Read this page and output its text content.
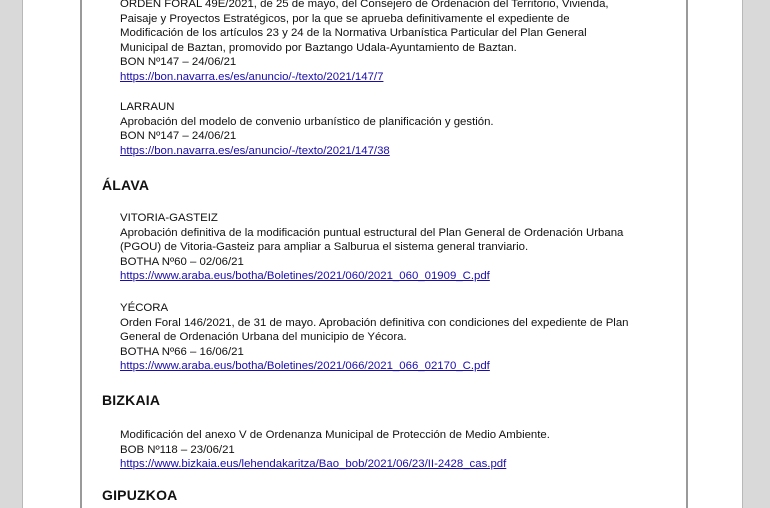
ORDEN FORAL 49E/2021, de 25 de mayo, del Consejero de Ordenación del Territorio, Vivienda,

Paisaje y Proyectos Estratégicos, por la que se aprueba definitivamente el expediente de

Modificación de los artículos 23 y 24 de la Normativa Urbanística Particular del Plan General

Municipal de Baztan, promovido por Baztango Udala-Ayuntamiento de Baztan.

BON Nº147 – 24/06/21

https://bon.navarra.es/es/anuncio/-/texto/2021/147/7

LARRAUN

Aprobación del modelo de convenio urbanístico de planificación y gestión.

BON Nº147 – 24/06/21

https://bon.navarra.es/es/anuncio/-/texto/2021/147/38

ÁLAVA

VITORIA-GASTEIZ

Aprobación definitiva de la modificación puntual estructural del Plan General de Ordenación Urbana

(PGOU) de Vitoria-Gasteiz para ampliar a Salburua el sistema general tranviario.

BOTHA Nº60 – 02/06/21

https://www.araba.eus/botha/Boletines/2021/060/2021_060_01909_C.pdf

YÉCORA

Orden Foral 146/2021, de 31 de mayo. Aprobación definitiva con condiciones del expediente de Plan

General de Ordenación Urbana del municipio de Yécora.

BOTHA Nº66 – 16/06/21

https://www.araba.eus/botha/Boletines/2021/066/2021_066_02170_C.pdf

BIZKAIA

Modificación del anexo V de Ordenanza Municipal de Protección de Medio Ambiente.

BOB Nº118 – 23/06/21

https://www.bizkaia.eus/lehendakaritza/Bao_bob/2021/06/23/II-2428_cas.pdf

GIPUZKOA
